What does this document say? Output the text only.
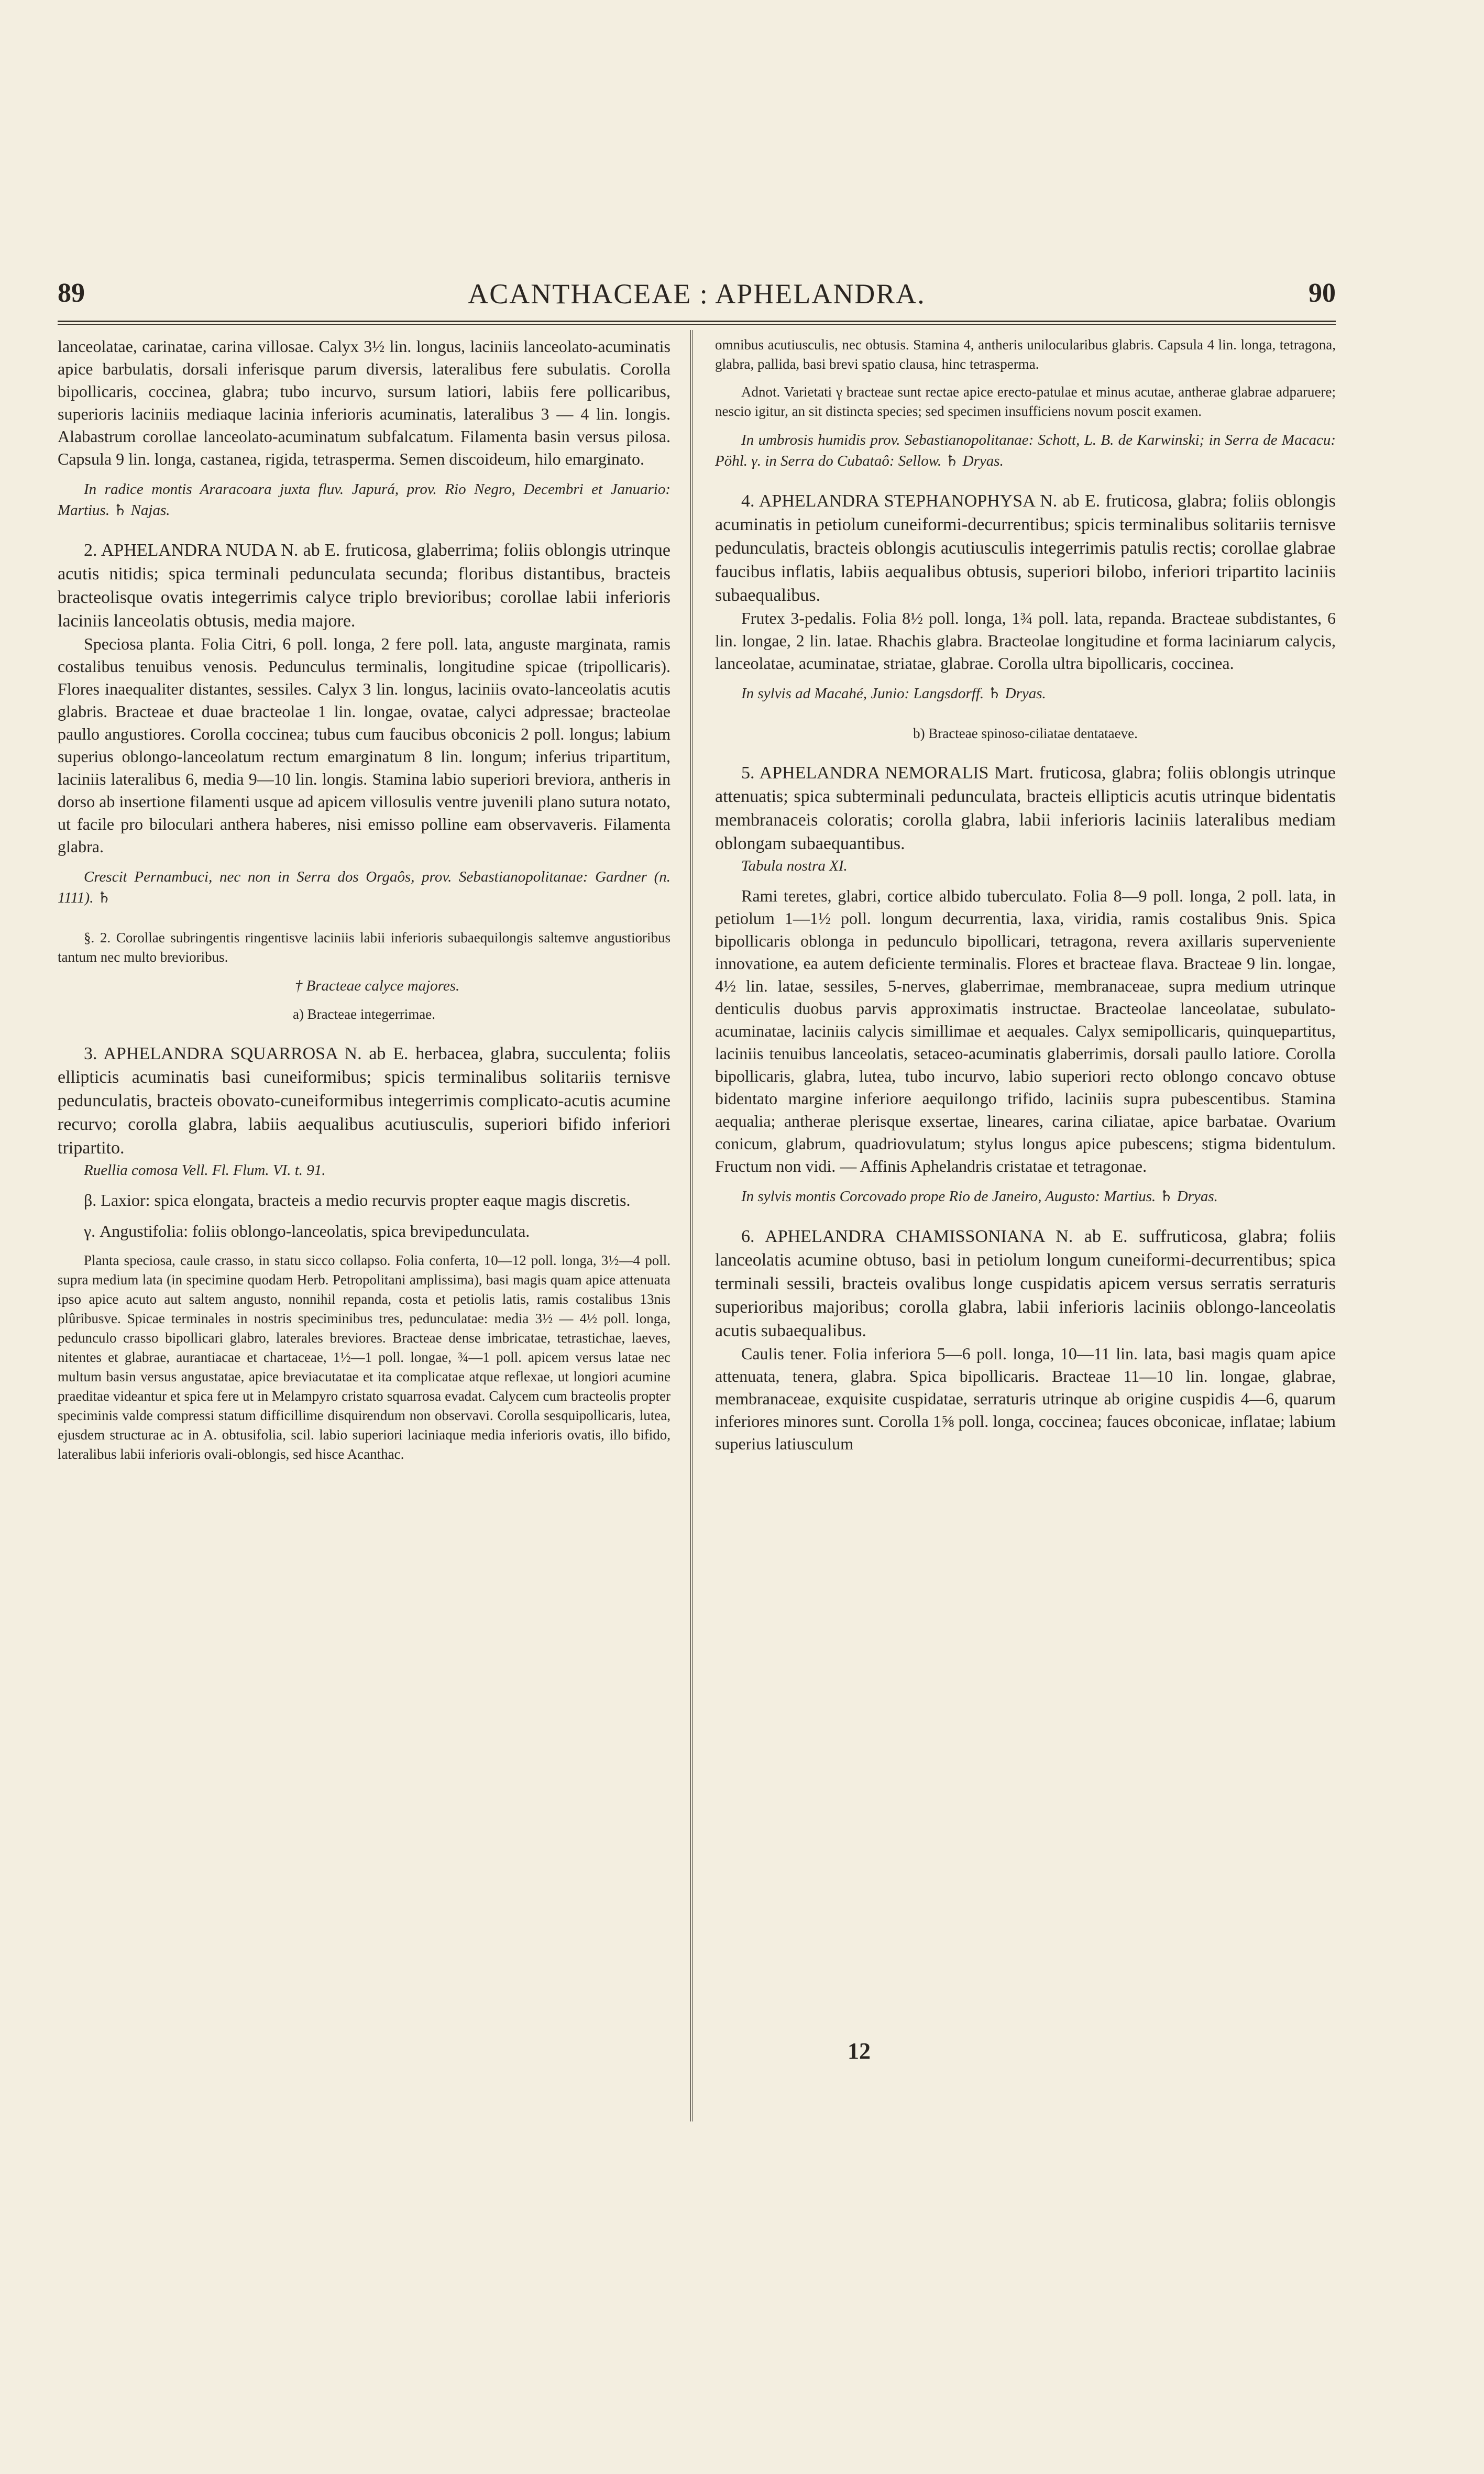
89	ACANTHACEAE : APHELANDRA.	90

lanceolatae, carinatae, carina villosae. Calyx 3½ lin. longus, laciniis lanceolato-acuminatis apice barbulatis, dorsali inferisque parum diversis, lateralibus fere subulatis. Corolla bipollicaris, coccinea, glabra; tubo incurvo, sursum latiori, labiis fere pollicaribus, superioris laciniis mediaque lacinia inferioris acuminatis, lateralibus 3 — 4 lin. longis. Alabastrum corollae lanceolato-acuminatum subfalcatum. Filamenta basin versus pilosa. Capsula 9 lin. longa, castanea, rigida, tetrasperma. Semen discoideum, hilo emarginato.

In radice montis Araracoara juxta fluv. Japurá, prov. Rio Negro, Decembri et Januario: Martius. ♄ Najas.

2. APHELANDRA NUDA N. ab E. fruticosa, glaberrima; foliis oblongis utrinque acutis nitidis; spica terminali pedunculata secunda; floribus distantibus, bracteis bracteolisque ovatis integerrimis calyce triplo brevioribus; corollae labii inferioris laciniis lanceolatis obtusis, media majore.

Speciosa planta. Folia Citri, 6 poll. longa, 2 fere poll. lata, anguste marginata, ramis costalibus tenuibus venosis. Pedunculus terminalis, longitudine spicae (tripollicaris). Flores inaequaliter distantes, sessiles. Calyx 3 lin. longus, laciniis ovato-lanceolatis acutis glabris. Bracteae et duae bracteolae 1 lin. longae, ovatae, calyci adpressae; bracteolae paullo angustiores. Corolla coccinea; tubus cum faucibus obconicis 2 poll. longus; labium superius oblongo-lanceolatum rectum emarginatum 8 lin. longum; inferius tripartitum, laciniis lateralibus 6, media 9—10 lin. longis. Stamina labio superiori breviora, antheris in dorso ab insertione filamenti usque ad apicem villosulis ventre juvenili plano sutura notato, ut facile pro biloculari anthera haberes, nisi emisso polline eam observaveris. Filamenta glabra.

Crescit Pernambuci, nec non in Serra dos Orgaôs, prov. Sebastianopolitanae: Gardner (n. 1111). ♄

§. 2. Corollae subringentis ringentisve laciniis labii inferioris subaequilongis saltemve angustioribus tantum nec multo brevioribus.

† Bracteae calyce majores.

a) Bracteae integerrimae.

3. APHELANDRA SQUARROSA N. ab E. herbacea, glabra, succulenta; foliis ellipticis acuminatis basi cuneiformibus; spicis terminalibus solitariis ternisve pedunculatis, bracteis obovato-cuneiformibus integerrimis complicato-acutis acumine recurvo; corolla glabra, labiis aequalibus acutiusculis, superiori bifido inferiori tripartito.

Ruellia comosa Vell. Fl. Flum. VI. t. 91.

β. Laxior: spica elongata, bracteis a medio recurvis propter eaque magis discretis.

γ. Angustifolia: foliis oblongo-lanceolatis, spica brevipedunculata.

Planta speciosa, caule crasso, in statu sicco collapso. Folia conferta, 10—12 poll. longa, 3½—4 poll. supra medium lata (in specimine quodam Herb. Petropolitani amplissima), basi magis quam apice attenuata ipso apice acuto aut saltem angusto, nonnihil repanda, costa et petiolis latis, ramis costalibus 13nis plûribusve. Spicae terminales in nostris speciminibus tres, pedunculatae: media 3½ — 4½ poll. longa, pedunculo crasso bipollicari glabro, laterales breviores. Bracteae dense imbricatae, tetrastichae, laeves, nitentes et glabrae, aurantiacae et chartaceae, 1½—1 poll. longae, ¾—1 poll. apicem versus latae nec multum basin versus angustatae, apice breviacutatae et ita complicatae atque reflexae, ut longiori acumine praeditae videantur et spica fere ut in Melampyro cristato squarrosa evadat. Calycem cum bracteolis propter speciminis valde compressi statum difficillime disquirendum non observavi. Corolla sesquipollicaris, lutea, ejusdem structurae ac in A. obtusifolia, scil. labio superiori laciniaque media inferioris ovatis, illo bifido, lateralibus labii inferioris ovali-oblongis, sed hisce Acanthac.

omnibus acutiusculis, nec obtusis. Stamina 4, antheris unilocularibus glabris. Capsula 4 lin. longa, tetragona, glabra, pallida, basi brevi spatio clausa, hinc tetrasperma.

Adnot. Varietati γ bracteae sunt rectae apice erecto-patulae et minus acutae, antherae glabrae adparuere; nescio igitur, an sit distincta species; sed specimen insufficiens novum poscit examen.

In umbrosis humidis prov. Sebastianopolitanae: Schott, L. B. de Karwinski; in Serra de Macacu: Pöhl. γ. in Serra do Cubataô: Sellow. ♄ Dryas.

4. APHELANDRA STEPHANOPHYSA N. ab E. fruticosa, glabra; foliis oblongis acuminatis in petiolum cuneiformi-decurrentibus; spicis terminalibus solitariis ternisve pedunculatis, bracteis oblongis acutiusculis integerrimis patulis rectis; corollae glabrae faucibus inflatis, labiis aequalibus obtusis, superiori bilobo, inferiori tripartito laciniis subaequalibus.

Frutex 3-pedalis. Folia 8½ poll. longa, 1¾ poll. lata, repanda. Bracteae subdistantes, 6 lin. longae, 2 lin. latae. Rhachis glabra. Bracteolae longitudine et forma laciniarum calycis, lanceolatae, acuminatae, striatae, glabrae. Corolla ultra bipollicaris, coccinea.

In sylvis ad Macahé, Junio: Langsdorff. ♄ Dryas.

b) Bracteae spinoso-ciliatae dentataeve.

5. APHELANDRA NEMORALIS Mart. fruticosa, glabra; foliis oblongis utrinque attenuatis; spica subterminali pedunculata, bracteis ellipticis acutis utrinque bidentatis membranaceis coloratis; corolla glabra, labii inferioris laciniis lateralibus mediam oblongam subaequantibus.

Tabula nostra XI.

Rami teretes, glabri, cortice albido tuberculato. Folia 8—9 poll. longa, 2 poll. lata, in petiolum 1—1½ poll. longum decurrentia, laxa, viridia, ramis costalibus 9nis. Spica bipollicaris oblonga in pedunculo bipollicari, tetragona, revera axillaris superveniente innovatione, ea autem deficiente terminalis. Flores et bracteae flava. Bracteae 9 lin. longae, 4½ lin. latae, sessiles, 5-nerves, glaberrimae, membranaceae, supra medium utrinque denticulis duobus parvis approximatis instructae. Bracteolae lanceolatae, subulato-acuminatae, laciniis calycis simillimae et aequales. Calyx semipollicaris, quinquepartitus, laciniis tenuibus lanceolatis, setaceo-acuminatis glaberrimis, dorsali paullo latiore. Corolla bipollicaris, glabra, lutea, tubo incurvo, labio superiori recto oblongo concavo obtuse bidentato margine inferiore aequilongo trifido, laciniis supra pubescentibus. Stamina aequalia; antherae plerisque exsertae, lineares, carina ciliatae, apice barbatae. Ovarium conicum, glabrum, quadriovulatum; stylus longus apice pubescens; stigma bidentulum. Fructum non vidi. — Affinis Aphelandris cristatae et tetragonae.

In sylvis montis Corcovado prope Rio de Janeiro, Augusto: Martius. ♄ Dryas.

6. APHELANDRA CHAMISSONIANA N. ab E. suffruticosa, glabra; foliis lanceolatis acumine obtuso, basi in petiolum longum cuneiformi-decurrentibus; spica terminali sessili, bracteis ovalibus longe cuspidatis apicem versus serratis serraturis superioribus majoribus; corolla glabra, labii inferioris laciniis oblongo-lanceolatis acutis subaequalibus.

Caulis tener. Folia inferiora 5—6 poll. longa, 10—11 lin. lata, basi magis quam apice attenuata, tenera, glabra. Spica bipollicaris. Bracteae 11—10 lin. longae, glabrae, membranaceae, exquisite cuspidatae, serraturis utrinque ab origine cuspidis 4—6, quarum inferiores minores sunt. Corolla 1⅝ poll. longa, coccinea; fauces obconicae, inflatae; labium superius latiusculum

12
